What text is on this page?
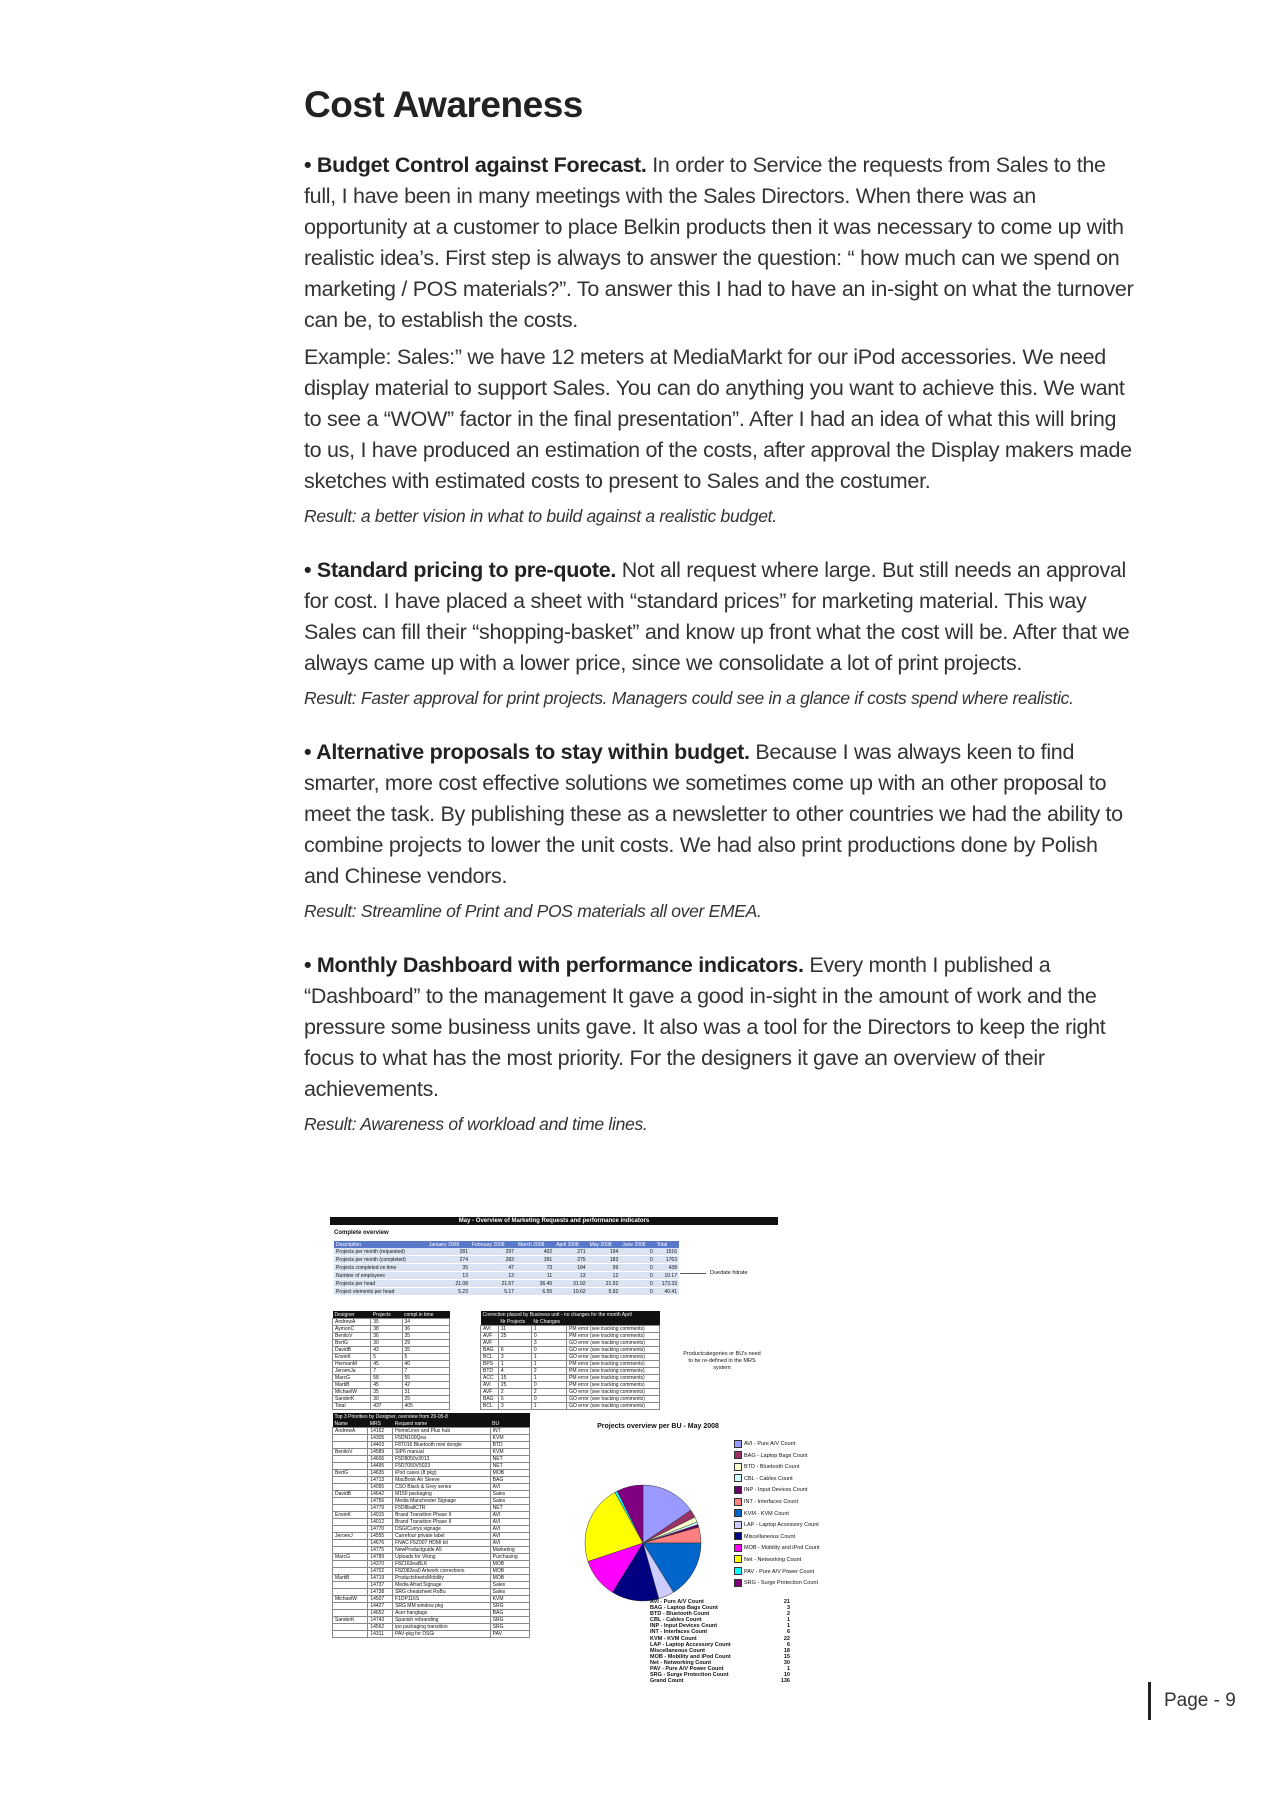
Cost Awareness

• Budget Control against Forecast. In order to Service the requests from Sales to the full, I have been in many meetings with the Sales Directors. When there was an opportunity at a customer to place Belkin products then it was necessary to come up with realistic idea’s. First step is always to answer the question: “ how much can we spend on marketing / POS materials?”. To answer this I had to have an in-sight on what the turnover can be, to establish the costs.

Example: Sales:” we have 12 meters at MediaMarkt for our iPod accessories. We need display material to support Sales. You can do anything you want to achieve this. We want to see a “WOW” factor in the final presentation”. After I had an idea of what this will bring to us, I have produced an estimation of the costs, after approval the Display makers made sketches with estimated costs to present to Sales and the costumer.

Result: a better vision in what to build against a realistic budget.

• Standard pricing to pre-quote. Not all request where large. But still needs an approval for cost. I have placed a sheet with “standard prices” for marketing material. This way Sales can fill their “shopping-basket” and know up front what the cost will be. After that we always came up with a lower price, since we consolidate a lot of print projects.

Result: Faster approval for print projects. Managers could see in a glance if costs spend where realistic.

• Alternative proposals to stay within budget. Because I was always keen to find smarter, more cost effective solutions we sometimes come up with an other proposal to meet the task. By publishing these as a newsletter to other countries we had the ability to combine projects to lower the unit costs. We had also print productions done by Polish and Chinese vendors.

Result: Streamline of Print and POS materials all over EMEA.

• Monthly Dashboard with performance indicators. Every month I published a “Dashboard” to the management It gave a good in-sight in the amount of work and the pressure some business units gave. It also was a tool for the Directors to keep the right focus to what has the most priority. For the designers it gave an overview of their achievements.

Result: Awareness of workload and time lines.
May - Overview of Marketing Requests and performance indicators
Complete overview
Description	January 2008	February 2008	March 2008	April 2008	May 2008	June 2008	Total
Projects per month (requested)	281	297	402	271	194	0	1516
Projects per month (completed)	274	283	391	275	183	0	1763
Projects completed on time	35	47	73	184	99	0	438
Number of employees	13	13	11	13	12	0	10.17
Projects per head	21.08	21.67	36.45	31.92	21.92	0	173.33
Project elements per head	5.23	5.17	6.55	10.62	5.92	0	40.41
Duedate hitrate
Designer	Projects	compl.in time
AndrewA	35	34
AymonC	38	36
BenitoV	36	35
BertG	30	29
DavidB	42	35
ErwinK	5	5
HermanM	45	40
JeroenJa	7	7
MarcG	58	55
MartiB	45	42
MichaelW	35	31
SanderK	30	25
Total	437	405
Correction placed by Business unit - no changes for the month April			
	Nr Projects	Nr Changes	
AVI	11	1	PM error (see tracking comments)
AVF	25	0	PM error (see tracking comments)
AVF		3	GO error (see tracking comments)
BAG	6	0	GO error (see tracking comments)
BCL	3	1	GO error (see tracking comments)
BPS	1	1	PM error (see tracking comments)
BTD	4	2	PM error (see tracking comments)
ACC	15	1	PM error (see tracking comments)
AVI	25	0	PM error (see tracking comments)
AVF	2	2	GO error (see tracking comments)
BAG	6	0	GO error (see tracking comments)
BCL	3	1	GO error (see tracking comments)
Productcategories or BU's need to be re-defined in the MRS system
Top 3 Priorities by Designer, overview from 29-05-8			
Name	MRS	Request name	BU
AndrewA	14162	HomeLiner and Plus hub	INT
	14305	F5DN100Qea	KVM
	14403	F8T016 Bluetooth mini dongle	BTD
BenitoV	14589	SIP6 manual	KVM
	14606	F5D8050v3013	NET
	14495	F5D7050V5023	NET
BertG	14635	iPod cases (8 pkg)	MOB
	14713	MacBook Air Sleeve	BAG
	14055	CSO Black & Grey series	AVI
DavidB	14642	M150 packaging	Sales
	14756	Media Manchester Signage	Sales
	14779	F5D8ballCTR	NET
ErwinK	14015	Brand Transition Phase II	AVI
	14012	Brand Transition Phase II	AVI
	14770	DSG/Currys signage	AVI
JeroenJ	14555	Carrefour private label	AVI
	14676	FNAC F5Z007 HDMI kit	AVI
	14775	NewProductguide A5	Marketing
MarcG	14789	Uploads for Viking	Purchasing
	14370	F8Z163eaBLK	MOB
	14702	F8Z082ea0 Artwork corrections	MOB
MartiB	14719	ProductsheetsMobility	MOB
	14737	Media Afrad Signage	Sales
	14738	SRG cheatsheet RoBu	Sales
MichaelW	14507	F1DP116S	KVM
	14427	SRG MM window pkg	SRG
	14652	Acer hangtags	BAG
SanderK	14743	Spanish rebranding	SRG
	14562	ipo packaging transition	SRG
	14311	PAV-pkg for DSGi	PAV
Projects overview per BU - May 2008
AVI - Pure A/V Count
BAG - Laptop Bags Count
BTD - Bluetooth Count
CBL - Cables Count
INP - Input Devices Count
INT - Interfaces Count
KVM - KVM Count
LAP - Laptop Accessory Count
Miscellaneous Count
MOB - Mobility and iPod Count
Net - Networking Count
PAV - Pure A/V Power Count
SRG - Surge Protection Count
AVI - Pure A/V Count	21
BAG - Laptop Bags Count	3
BTD - Bluetooth Count	2
CBL - Cables Count	1
INP - Input Devices Count	1
INT - Interfaces Count	6
KVM - KVM Count	22
LAP - Laptop Accessory Count	6
Miscellaneous Count	18
MOB - Mobility and iPod Count	15
Net - Networking Count	30
PAV - Pure A/V Power Count	1
SRG - Surge Protection Count	10
Grand Count	136
Page - 9
